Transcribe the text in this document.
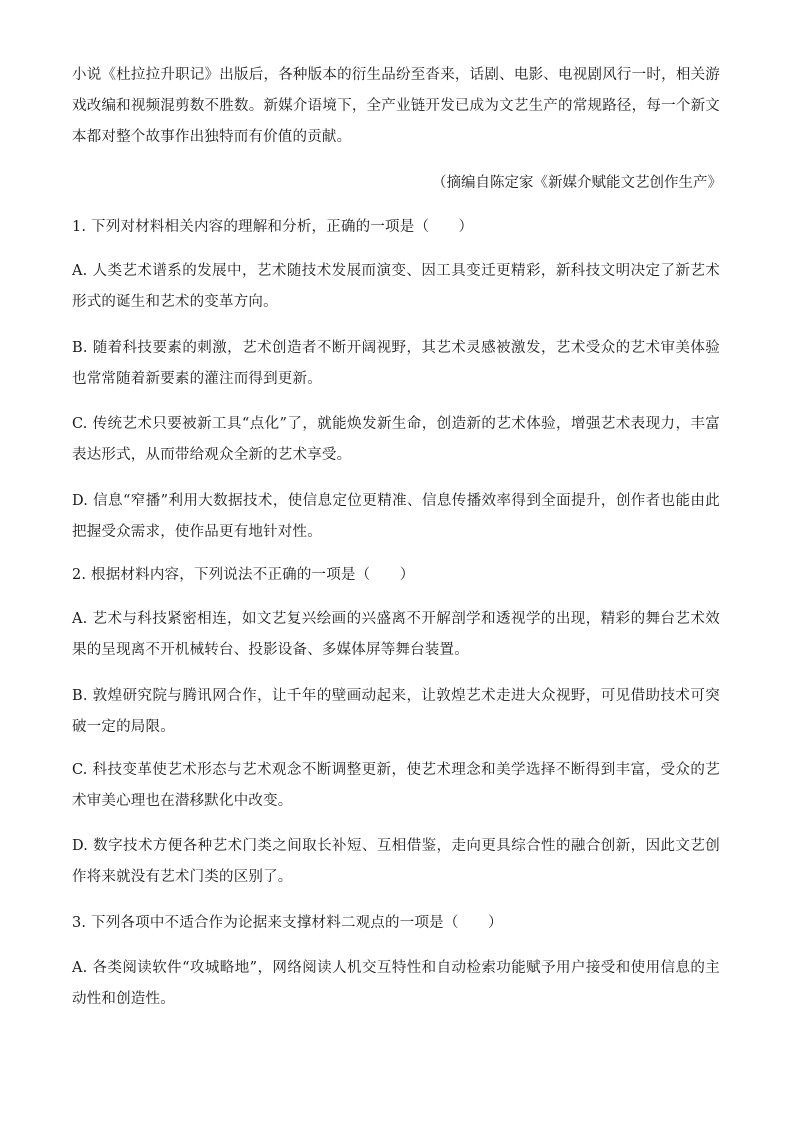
小说《杜拉拉升职记》出版后，各种版本的衍生品纷至沓来，话剧、电影、电视剧风行一时，相关游戏改编和视频混剪数不胜数。新媒介语境下，全产业链开发已成为文艺生产的常规路径，每一个新文本都对整个故事作出独特而有价值的贡献。

（摘编自陈定家《新媒介赋能文艺创作生产》

1. 下列对材料相关内容的理解和分析，正确的一项是（　　）

A. 人类艺术谱系的发展中，艺术随技术发展而演变、因工具变迁更精彩，新科技文明决定了新艺术形式的诞生和艺术的变革方向。

B. 随着科技要素的刺激，艺术创造者不断开阔视野，其艺术灵感被激发，艺术受众的艺术审美体验也常常随着新要素的灌注而得到更新。

C. 传统艺术只要被新工具“点化”了，就能焕发新生命，创造新的艺术体验，增强艺术表现力，丰富表达形式，从而带给观众全新的艺术享受。

D. 信息“窄播”利用大数据技术，使信息定位更精准、信息传播效率得到全面提升，创作者也能由此把握受众需求，使作品更有地针对性。

2. 根据材料内容，下列说法不正确的一项是（　　）

A. 艺术与科技紧密相连，如文艺复兴绘画的兴盛离不开解剖学和透视学的出现，精彩的舞台艺术效果的呈现离不开机械转台、投影设备、多媒体屏等舞台装置。

B. 敦煌研究院与腾讯网合作，让千年的壁画动起来，让敦煌艺术走进大众视野，可见借助技术可突破一定的局限。

C. 科技变革使艺术形态与艺术观念不断调整更新，使艺术理念和美学选择不断得到丰富，受众的艺术审美心理也在潜移默化中改变。

D. 数字技术方便各种艺术门类之间取长补短、互相借鉴，走向更具综合性的融合创新，因此文艺创作将来就没有艺术门类的区别了。

3. 下列各项中不适合作为论据来支撑材料二观点的一项是（　　）

A. 各类阅读软件“攻城略地”，网络阅读人机交互特性和自动检索功能赋予用户接受和使用信息的主动性和创造性。
